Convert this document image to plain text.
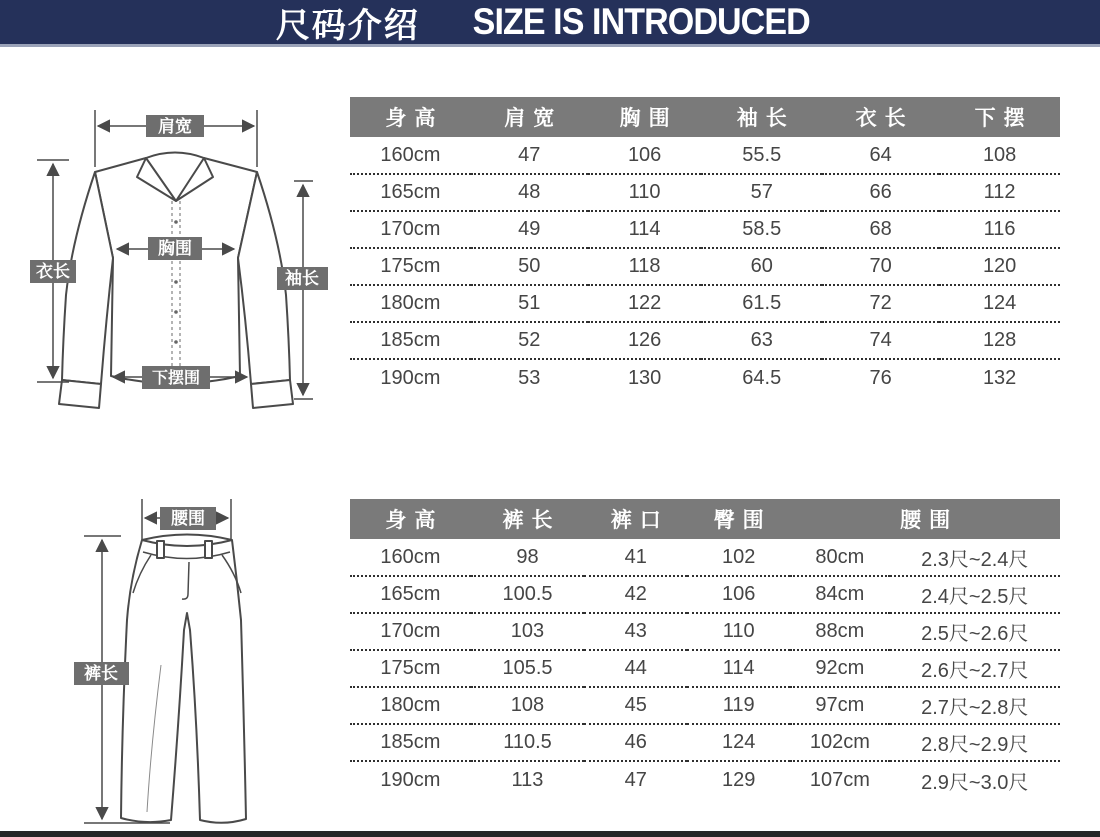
尺码介绍 SIZE IS INTRODUCED
肩宽
衣长
胸围
袖长
下摆围
身高	肩宽	胸围	袖长	衣长	下摆
160cm	47	106	55.5	64	108
165cm	48	110	57	66	112
170cm	49	114	58.5	68	116
175cm	50	118	60	70	120
180cm	51	122	61.5	72	124
185cm	52	126	63	74	128
190cm	53	130	64.5	76	132
腰围
裤长
身高	裤长	裤口	臀围	腰围	
160cm	98	41	102	80cm	2.3尺~2.4尺
165cm	100.5	42	106	84cm	2.4尺~2.5尺
170cm	103	43	110	88cm	2.5尺~2.6尺
175cm	105.5	44	114	92cm	2.6尺~2.7尺
180cm	108	45	119	97cm	2.7尺~2.8尺
185cm	110.5	46	124	102cm	2.8尺~2.9尺
190cm	113	47	129	107cm	2.9尺~3.0尺
